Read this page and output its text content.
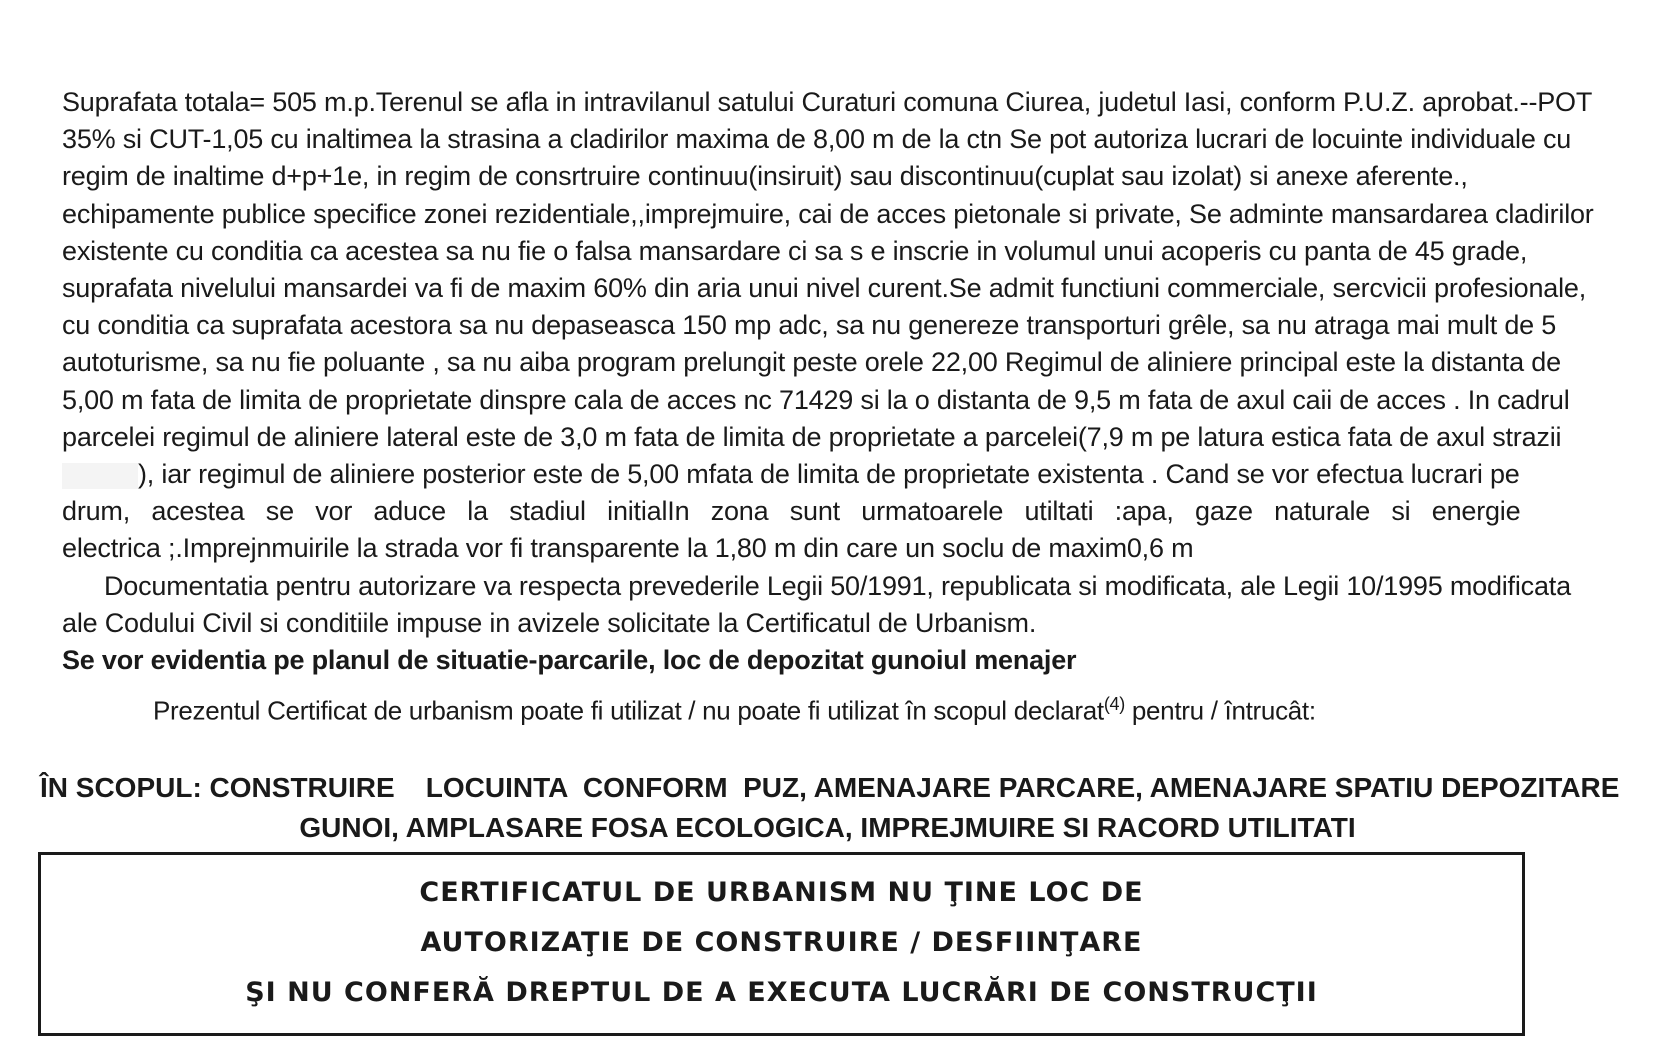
Suprafata totala= 505 m.p.Terenul se afla in intravilanul satului Curaturi comuna Ciurea, judetul Iasi, conform P.U.Z. aprobat.--POT
35% si CUT-1,05 cu inaltimea la strasina a cladirilor maxima de 8,00 m de la ctn Se pot autoriza lucrari de locuinte individuale cu
regim de inaltime d+p+1e, in regim de consrtruire continuu(insiruit) sau discontinuu(cuplat sau izolat) si anexe aferente.,
echipamente publice specifice zonei rezidentiale,,imprejmuire, cai de acces pietonale si private, Se adminte mansardarea cladirilor
existente cu conditia ca acestea sa nu fie o falsa mansardare ci sa s e inscrie in volumul unui acoperis cu panta de 45 grade,
suprafata nivelului mansardei va fi de maxim 60% din aria unui nivel curent.Se admit functiuni commerciale, sercvicii profesionale,
cu conditia ca suprafata acestora sa nu depaseasca 150 mp adc, sa nu genereze transporturi grêle, sa nu atraga mai mult de 5
autoturisme, sa nu fie poluante , sa nu aiba program prelungit peste orele 22,00 Regimul de aliniere principal este la distanta de
5,00 m fata de limita de proprietate dinspre cala de acces nc 71429 si la o distanta de 9,5 m fata de axul caii de acces . In cadrul
parcelei regimul de aliniere lateral este de 3,0 m fata de limita de proprietate a parcelei(7,9 m pe latura estica fata de axul strazii
), iar regimul de aliniere posterior este de 5,00 mfata de limita de proprietate existenta . Cand se vor efectua lucrari pe
drum, acestea se vor aduce la stadiul initialIn zona sunt urmatoarele utiltati :apa, gaze naturale si energie
electrica ;.Imprejnmuirile la strada vor fi transparente la 1,80 m din care un soclu de maxim0,6 m
Documentatia pentru autorizare va respecta prevederile Legii 50/1991, republicata si modificata, ale Legii 10/1995 modificata
ale Codului Civil si conditiile impuse in avizele solicitate la Certificatul de Urbanism.
Se vor evidentia pe planul de situatie-parcarile, loc de depozitat gunoiul menajer
Prezentul Certificat de urbanism poate fi utilizat / nu poate fi utilizat în scopul declarat$^{(4)}$ pentru / întrucât:
ÎN SCOPUL: CONSTRUIRE    LOCUINTA  CONFORM  PUZ, AMENAJARE PARCARE, AMENAJARE SPATIU DEPOZITARE
GUNOI, AMPLASARE FOSA ECOLOGICA, IMPREJMUIRE SI RACORD UTILITATI
CERTIFICATUL DE URBANISM NU ŢINE LOC DE
AUTORIZAŢIE DE CONSTRUIRE / DESFIINŢARE
ŞI NU CONFERĂ DREPTUL DE A EXECUTA LUCRĂRI DE CONSTRUCŢII
